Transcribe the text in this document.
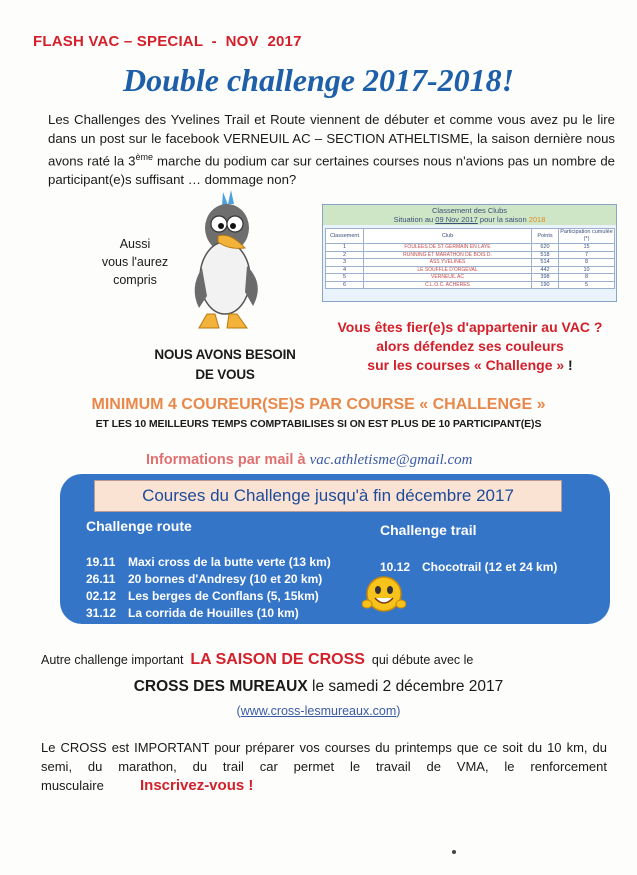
FLASH VAC – SPECIAL  -  NOV  2017
Double challenge 2017-2018!
Les Challenges des Yvelines Trail et Route viennent de débuter et comme vous avez pu le lire dans un post sur le facebook VERNEUIL AC – SECTION ATHELTISME, la saison dernière nous avons raté la 3ème marche du podium car sur certaines courses nous n'avions pas un nombre de participant(e)s suffisant … dommage non?
Aussi
vous l'aurez compris
NOUS AVONS BESOIN
DE VOUS
Classement des Clubs
Situation au 09 Nov 2017 pour la saison 2018
Classement	Club	Points	Participation cumulée (*)
1	FOULEES DE ST GERMAIN EN LAYE	620	15
2	RUNNING ET MARATHON DE BOIS D.	518	7
3	ASS YVELINES	514	8
4	LE SOUFFLE D'ORGEVAL	442	10
5	VERNEUIL AC	398	8
6	C.L.O.C. ACHERES	190	5
Vous êtes fier(e)s d'appartenir au VAC ?
alors défendez ses couleurs
sur les courses « Challenge » !
MINIMUM 4 COUREUR(SE)S PAR COURSE « CHALLENGE »
ET LES 10 MEILLEURS TEMPS COMPTABILISES SI ON EST PLUS DE 10 PARTICIPANT(E)S
Informations par mail à vac.athletisme@gmail.com
Courses du Challenge jusqu'à fin décembre 2017
Challenge route	Challenge trail
19.11 Maxi cross de la butte verte (13 km)
26.11 20 bornes d'Andresy (10 et 20 km)
02.12 Les berges de Conflans (5, 15km)
31.12 La corrida de Houilles (10 km)
10.12 Chocotrail (12 et 24 km)
Autre challenge important  LA SAISON DE CROSS  qui débute avec le
CROSS DES MUREAUX le samedi 2 décembre 2017
(www.cross-lesmureaux.com)
Le CROSS est IMPORTANT pour préparer vos courses du printemps que ce soit du 10 km, du semi, du marathon, du trail car permet le travail de VMA, le renforcement musculaire Inscrivez-vous !
